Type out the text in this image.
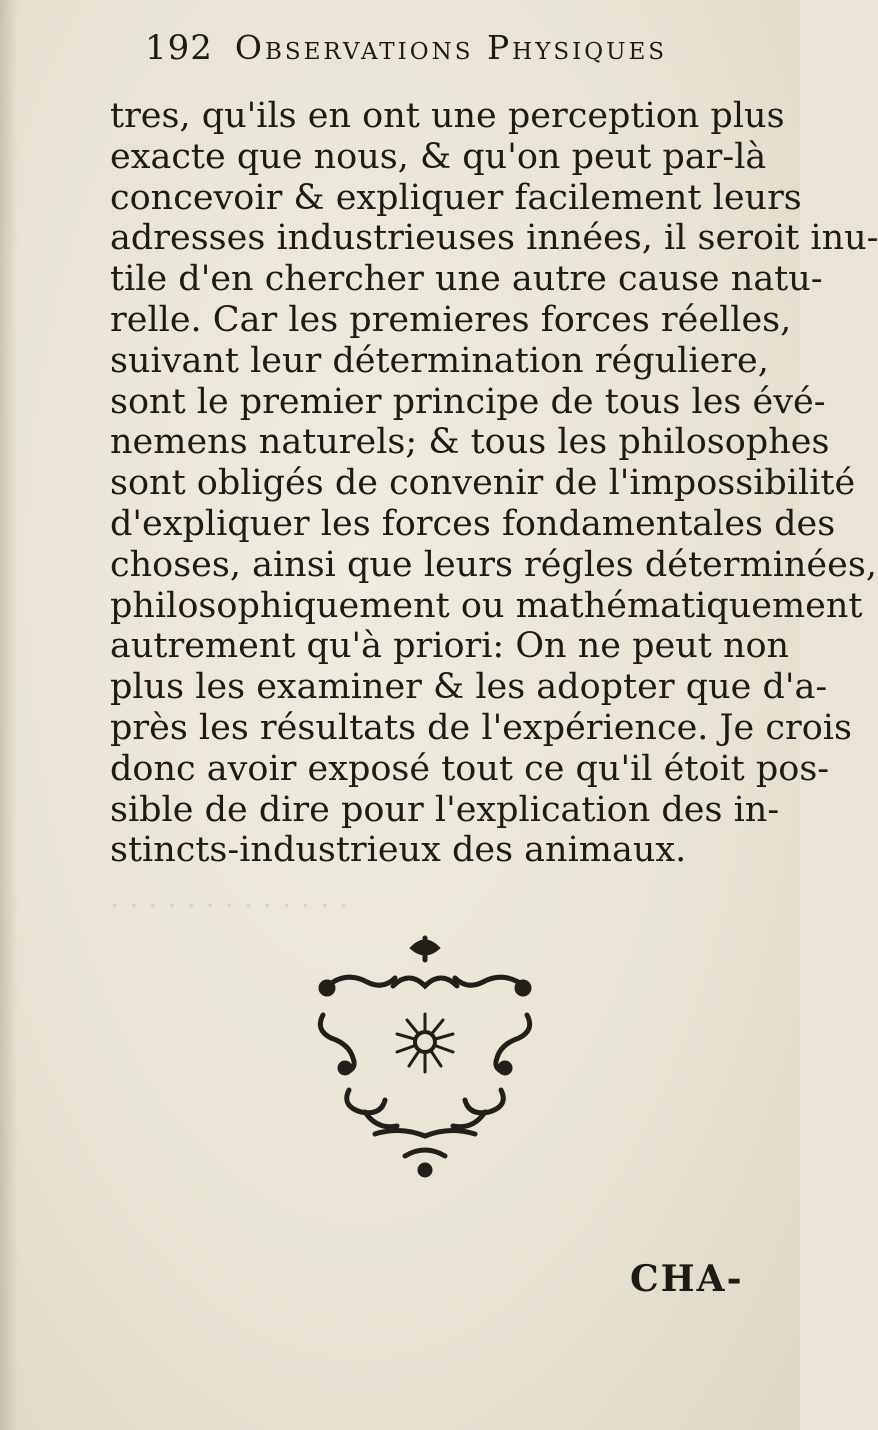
. . . . . . . . . . . . .
192 Observations Physiques
tres, qu'ils en ont une perception plus
exacte que nous, & qu'on peut par-là
concevoir & expliquer facilement leurs
adresses industrieuses innées, il seroit inu-
tile d'en chercher une autre cause natu-
relle. Car les premieres forces réelles,
suivant leur détermination réguliere,
sont le premier principe de tous les évé-
nemens naturels; & tous les philosophes
sont obligés de convenir de l'impossibilité
d'expliquer les forces fondamentales des
choses, ainsi que leurs régles déterminées,
philosophiquement ou mathématiquement
autrement qu'à priori: On ne peut non
plus les examiner & les adopter que d'a-
près les résultats de l'expérience. Je crois
donc avoir exposé tout ce qu'il étoit pos-
sible de dire pour l'explication des in-
stincts-industrieux des animaux.
CHA-
